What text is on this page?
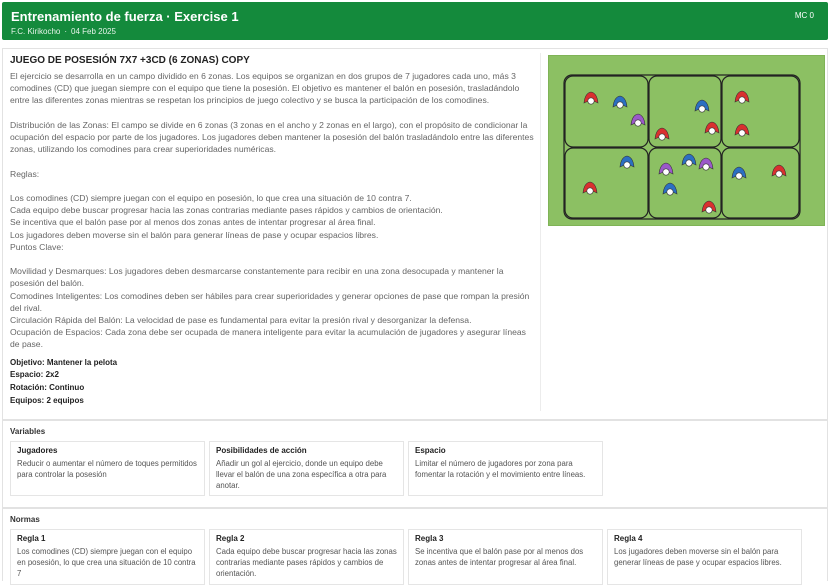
Entrenamiento de fuerza · Exercise 1
F.C. Kirikocho · 04 Feb 2025
MC 0
JUEGO DE POSESIÓN 7X7 +3CD (6 ZONAS) COPY

El ejercicio se desarrolla en un campo dividido en 6 zonas. Los equipos se organizan en dos grupos de 7 jugadores cada uno, más 3 comodines (CD) que juegan siempre con el equipo que tiene la posesión. El objetivo es mantener el balón en posesión, trasladándolo entre las diferentes zonas mientras se respetan los principios de juego colectivo y se busca la participación de los comodines.

Distribución de las Zonas: El campo se divide en 6 zonas (3 zonas en el ancho y 2 zonas en el largo), con el propósito de condicionar la ocupación del espacio por parte de los jugadores. Los jugadores deben mantener la posesión del balón trasladándolo entre las diferentes zonas, utilizando los comodines para crear superioridades numéricas.

Reglas:

Los comodines (CD) siempre juegan con el equipo en posesión, lo que crea una situación de 10 contra 7.
Cada equipo debe buscar progresar hacia las zonas contrarias mediante pases rápidos y cambios de orientación.
Se incentiva que el balón pase por al menos dos zonas antes de intentar progresar al área final.
Los jugadores deben moverse sin el balón para generar líneas de pase y ocupar espacios libres.
Puntos Clave:

Movilidad y Desmarques: Los jugadores deben desmarcarse constantemente para recibir en una zona desocupada y mantener la posesión del balón.
Comodines Inteligentes: Los comodines deben ser hábiles para crear superioridades y generar opciones de pase que rompan la presión del rival.
Circulación Rápida del Balón: La velocidad de pase es fundamental para evitar la presión rival y desorganizar la defensa.
Ocupación de Espacios: Cada zona debe ser ocupada de manera inteligente para evitar la acumulación de jugadores y asegurar líneas de pase.

Objetivo: Mantener la pelota
Espacio: 2x2
Rotación: Continuo
Equipos: 2 equipos
Variables
Jugadores
Reducir o aumentar el número de toques permitidos para controlar la posesión
Posibilidades de acción
Añadir un gol al ejercicio, donde un equipo debe llevar el balón de una zona específica a otra para anotar.
Espacio
Limitar el número de jugadores por zona para fomentar la rotación y el movimiento entre líneas.
Normas
Regla 1
Los comodines (CD) siempre juegan con el equipo en posesión, lo que crea una situación de 10 contra 7
Regla 2
Cada equipo debe buscar progresar hacia las zonas contrarias mediante pases rápidos y cambios de orientación.
Regla 3
Se incentiva que el balón pase por al menos dos zonas antes de intentar progresar al área final.
Regla 4
Los jugadores deben moverse sin el balón para generar líneas de pase y ocupar espacios libres.
